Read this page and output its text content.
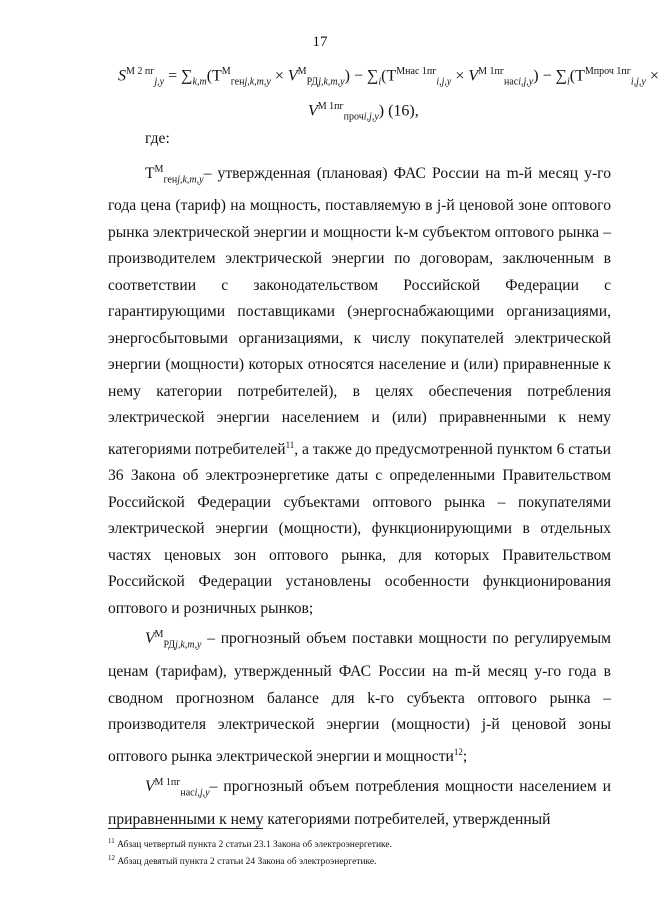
17
$S^{M 2 пг}_{j,y} = \sum_{k,m}(T^M_{генj,k,m,y} \times V^M_{РДj,k,m,y}) - \sum_i(T^{Mнас 1пг}_{i,j,y} \times V^{M 1пг}_{насi,j,y}) - \sum_i(T^{Mпроч 1пг}_{i,j,y}$ ×
$V^{M 1пг}_{прочi,j,y}$) (16),

где:

$T^M_{генj,k,m,y}-$ утвержденная (плановая) ФАС России на m-й месяц y-го года цена (тариф) на мощность, поставляемую в j-й ценовой зоне оптового рынка электрической энергии и мощности k-м субъектом оптового рынка – производителем электрической энергии по договорам, заключенным в соответствии с законодательством Российской Федерации с гарантирующими поставщиками (энергоснабжающими организациями, энергосбытовыми организациями, к числу покупателей электрической энергии (мощности) которых относятся население и (или) приравненные к нему категории потребителей), в целях обеспечения потребления электрической энергии населением и (или) приравненными к нему категориями потребителей$^{11}$, а также до предусмотренной пунктом 6 статьи 36 Закона об электроэнергетике даты с определенными Правительством Российской Федерации субъектами оптового рынка – покупателями электрической энергии (мощности), функционирующими в отдельных частях ценовых зон оптового рынка, для которых Правительством Российской Федерации установлены особенности функционирования оптового и розничных рынков;

$V^M_{РДj,k,m,y}$ – прогнозный объем поставки мощности по регулируемым ценам (тарифам), утвержденный ФАС России на m-й месяц y-го года в сводном прогнозном балансе для k-го субъекта оптового рынка – производителя электрической энергии (мощности) j-й ценовой зоны оптового рынка электрической энергии и мощности$^{12}$;

$V^{M 1пг}_{насi,j,y}-$ прогнозный объем потребления мощности населением и приравненными к нему категориями потребителей, утвержденный

$^{11}$ Абзац четвертый пункта 2 статьи 23.1 Закона об электроэнергетике.

$^{12}$ Абзац девятый пункта 2 статьи 24 Закона об электроэнергетике.
